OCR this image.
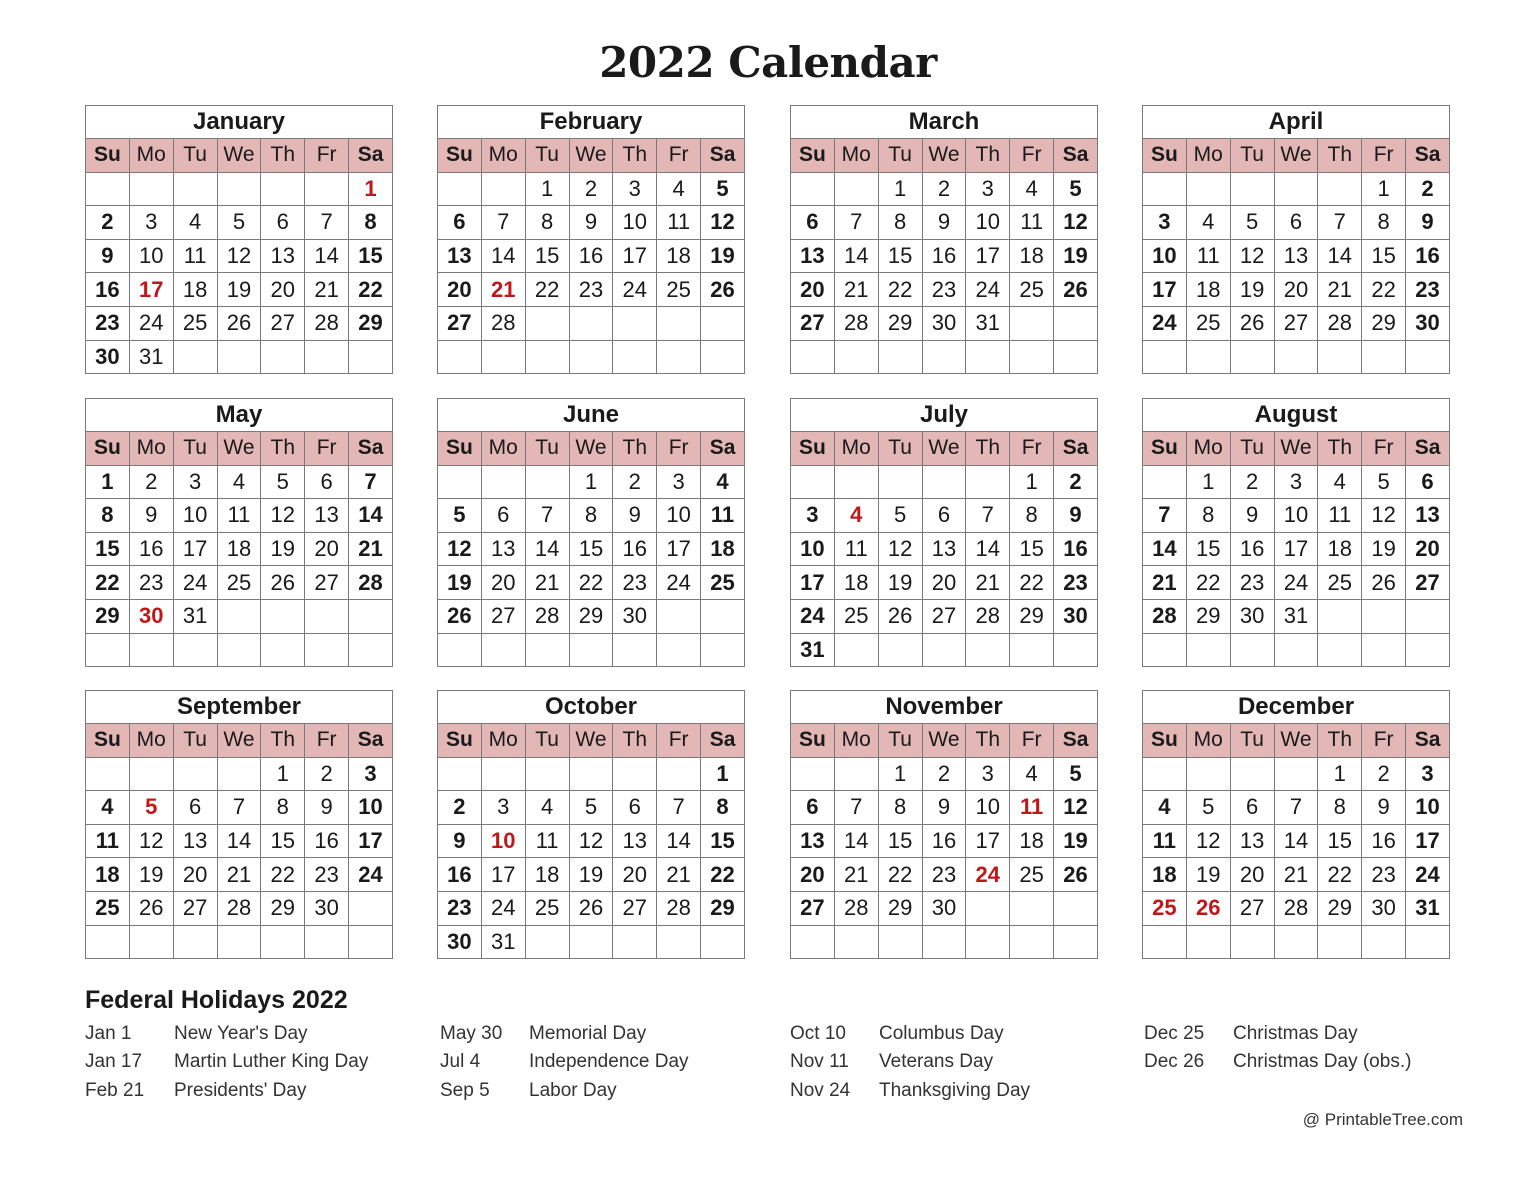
2022 Calendar
January						
Su	Mo	Tu	We	Th	Fr	Sa
						1
2	3	4	5	6	7	8
9	10	11	12	13	14	15
16	17	18	19	20	21	22
23	24	25	26	27	28	29
30	31					
February						
Su	Mo	Tu	We	Th	Fr	Sa
		1	2	3	4	5
6	7	8	9	10	11	12
13	14	15	16	17	18	19
20	21	22	23	24	25	26
27	28					

March						
Su	Mo	Tu	We	Th	Fr	Sa
		1	2	3	4	5
6	7	8	9	10	11	12
13	14	15	16	17	18	19
20	21	22	23	24	25	26
27	28	29	30	31		

April						
Su	Mo	Tu	We	Th	Fr	Sa
					1	2
3	4	5	6	7	8	9
10	11	12	13	14	15	16
17	18	19	20	21	22	23
24	25	26	27	28	29	30

May						
Su	Mo	Tu	We	Th	Fr	Sa
1	2	3	4	5	6	7
8	9	10	11	12	13	14
15	16	17	18	19	20	21
22	23	24	25	26	27	28
29	30	31				

June						
Su	Mo	Tu	We	Th	Fr	Sa
			1	2	3	4
5	6	7	8	9	10	11
12	13	14	15	16	17	18
19	20	21	22	23	24	25
26	27	28	29	30		

July						
Su	Mo	Tu	We	Th	Fr	Sa
					1	2
3	4	5	6	7	8	9
10	11	12	13	14	15	16
17	18	19	20	21	22	23
24	25	26	27	28	29	30
31						
August						
Su	Mo	Tu	We	Th	Fr	Sa
	1	2	3	4	5	6
7	8	9	10	11	12	13
14	15	16	17	18	19	20
21	22	23	24	25	26	27
28	29	30	31			

September						
Su	Mo	Tu	We	Th	Fr	Sa
				1	2	3
4	5	6	7	8	9	10
11	12	13	14	15	16	17
18	19	20	21	22	23	24
25	26	27	28	29	30	

October						
Su	Mo	Tu	We	Th	Fr	Sa
						1
2	3	4	5	6	7	8
9	10	11	12	13	14	15
16	17	18	19	20	21	22
23	24	25	26	27	28	29
30	31					
November						
Su	Mo	Tu	We	Th	Fr	Sa
		1	2	3	4	5
6	7	8	9	10	11	12
13	14	15	16	17	18	19
20	21	22	23	24	25	26
27	28	29	30			

December						
Su	Mo	Tu	We	Th	Fr	Sa
				1	2	3
4	5	6	7	8	9	10
11	12	13	14	15	16	17
18	19	20	21	22	23	24
25	26	27	28	29	30	31

Federal Holidays 2022
Jan 1 New Year's Day
Jan 17 Martin Luther King Day
Feb 21 Presidents' Day
May 30 Memorial Day
Jul 4	Independence Day
Sep 5 Labor Day
Oct 10 Columbus Day
Nov 11 Veterans Day
Nov 24 Thanksgiving Day
Dec 25 Christmas Day
Dec 26 Christmas Day (obs.)
@ PrintableTree.com
